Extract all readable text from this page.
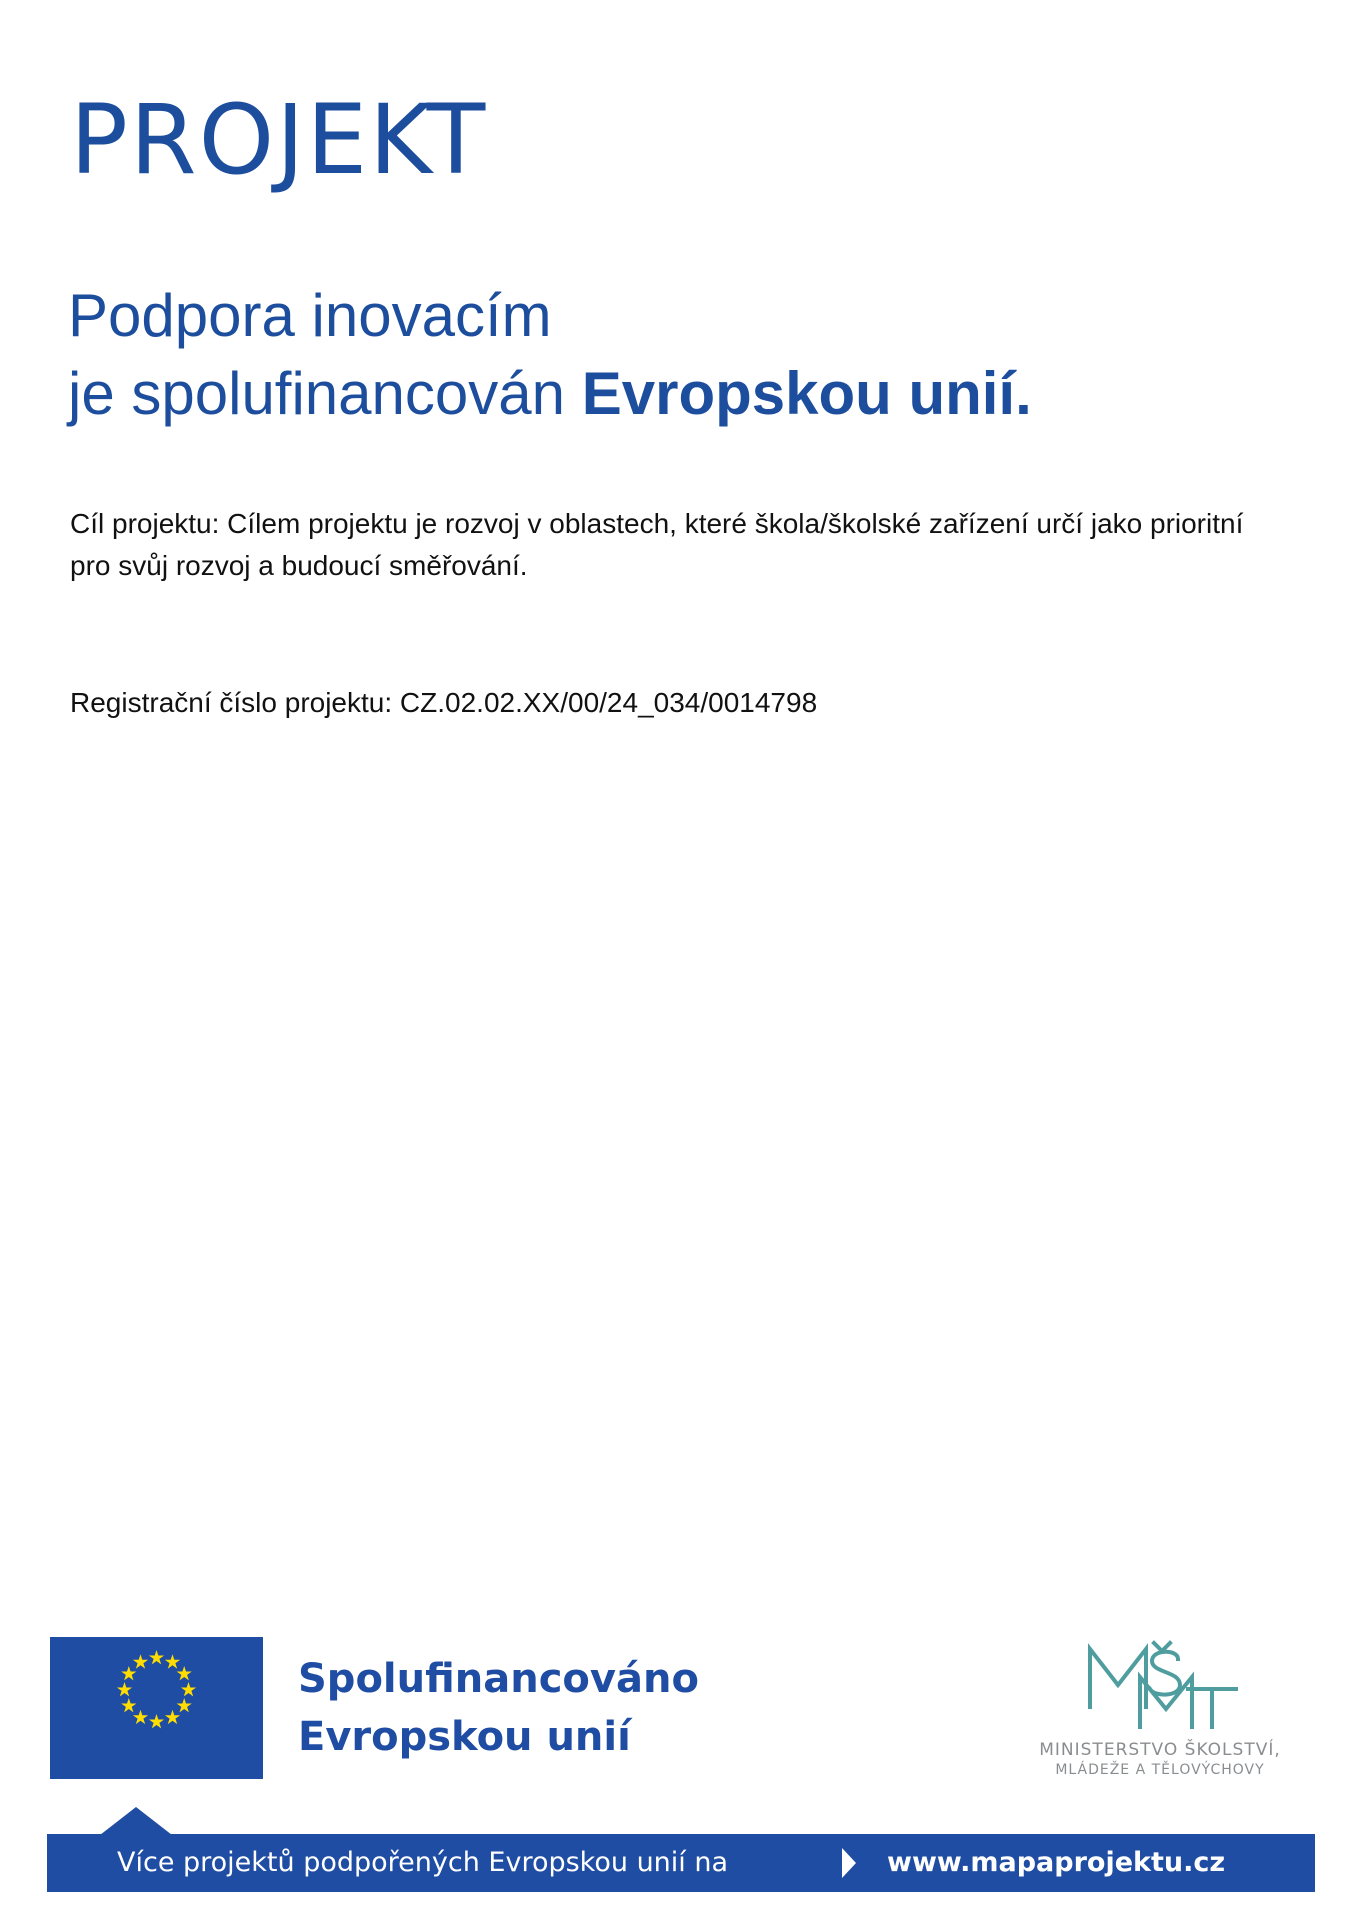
PROJEKT
Podpora inovacím
je spolufinancován Evropskou unií.
Cíl projektu: Cílem projektu je rozvoj v oblastech, které škola/školské zařízení určí jako prioritní pro svůj rozvoj a budoucí směřování.
Registrační číslo projektu: CZ.02.02.XX/00/24_034/0014798
Spolufinancováno
Evropskou unií	MINISTERSTVO ŠKOLSTVÍ,
MLÁDEŽE A TĚLOVÝCHOVY
Více projektů podpořených Evropskou unií na	www.mapaprojektu.cz
